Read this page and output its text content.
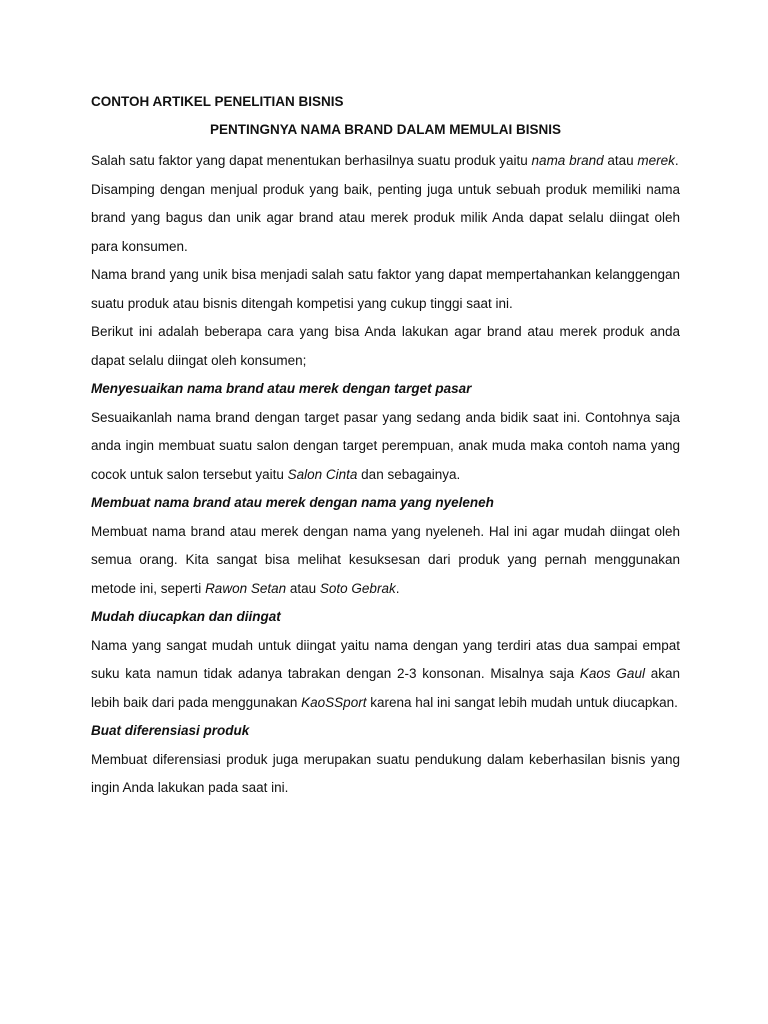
CONTOH ARTIKEL PENELITIAN BISNIS

PENTINGNYA NAMA BRAND DALAM MEMULAI BISNIS

Salah satu faktor yang dapat menentukan berhasilnya suatu produk yaitu nama brand atau merek.

Disamping dengan menjual produk yang baik, penting juga untuk sebuah produk memiliki nama brand yang bagus dan unik agar brand atau merek produk milik Anda dapat selalu diingat oleh para konsumen.

Nama brand yang unik bisa menjadi salah satu faktor yang dapat mempertahankan kelanggengan suatu produk atau bisnis ditengah kompetisi yang cukup tinggi saat ini.

Berikut ini adalah beberapa cara yang bisa Anda lakukan agar brand atau merek produk anda dapat selalu diingat oleh konsumen;

Menyesuaikan nama brand atau merek dengan target pasar

Sesuaikanlah nama brand dengan target pasar yang sedang anda bidik saat ini. Contohnya saja anda ingin membuat suatu salon dengan target perempuan, anak muda maka contoh nama yang cocok untuk salon tersebut yaitu Salon Cinta dan sebagainya.

Membuat nama brand atau merek dengan nama yang nyeleneh

Membuat nama brand atau merek dengan nama yang nyeleneh. Hal ini agar mudah diingat oleh semua orang. Kita sangat bisa melihat kesuksesan dari produk yang pernah menggunakan metode ini, seperti Rawon Setan atau Soto Gebrak.

Mudah diucapkan dan diingat

Nama yang sangat mudah untuk diingat yaitu nama dengan yang terdiri atas dua sampai empat suku kata namun tidak adanya tabrakan dengan 2-3 konsonan. Misalnya saja Kaos Gaul akan lebih baik dari pada menggunakan KaoSSport karena hal ini sangat lebih mudah untuk diucapkan.

Buat diferensiasi produk

Membuat diferensiasi produk juga merupakan suatu pendukung dalam keberhasilan bisnis yang ingin Anda lakukan pada saat ini.
